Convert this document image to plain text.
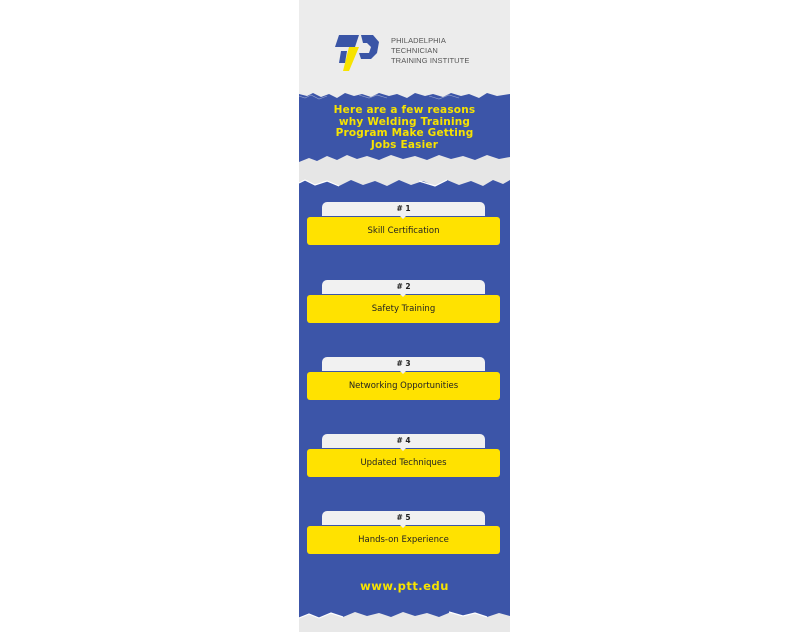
PHILADELPHIA
TECHNICIAN
TRAINING INSTITUTE
Here are a few reasons
why Welding Training
Program Make Getting
Jobs Easier
# 1
Skill Certification
# 2
Safety Training
# 3
Networking Opportunities
# 4
Updated Techniques
# 5
Hands-on Experience
www.ptt.edu
